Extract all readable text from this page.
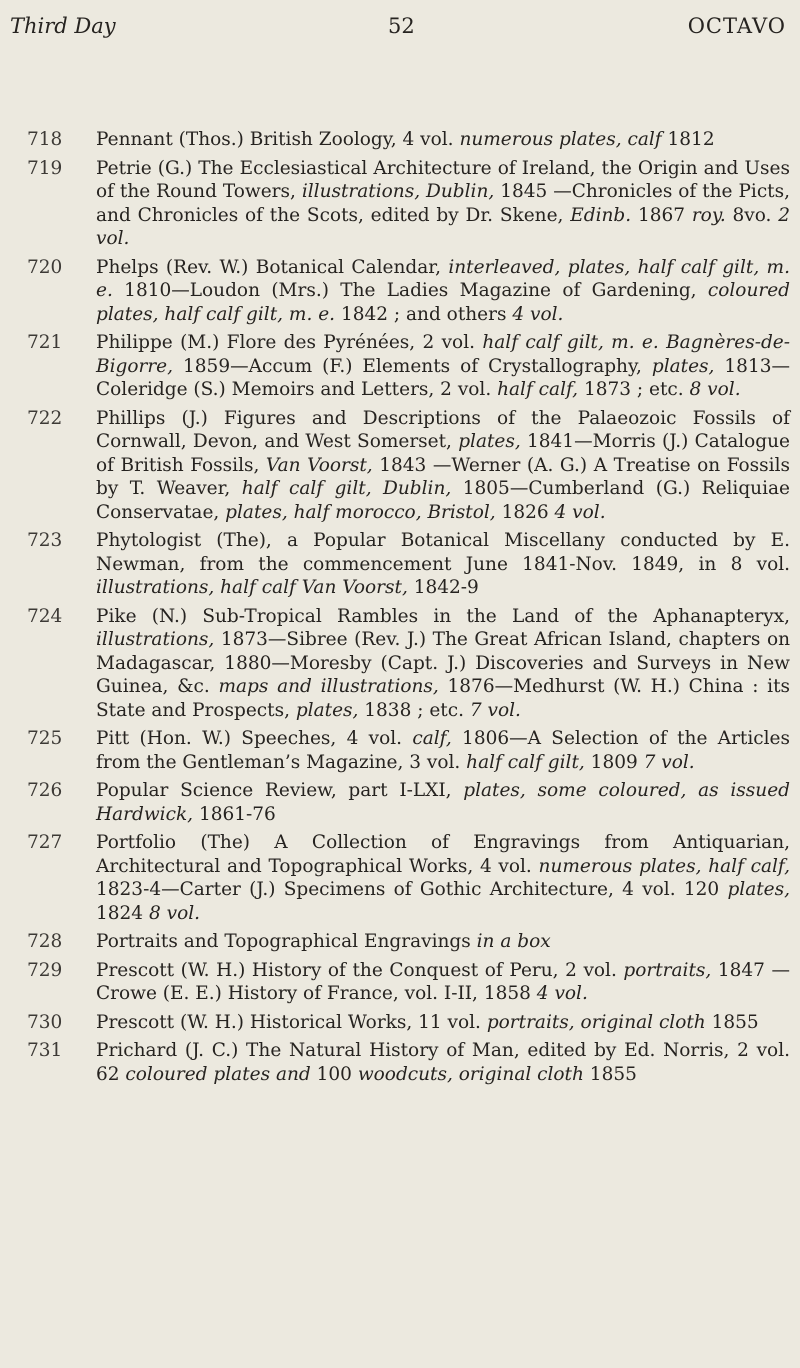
Third Day	52	OCTAVO
718 Pennant (Thos.) British Zoology, 4 vol. numerous plates, calf 1812
719 Petrie (G.) The Ecclesiastical Architecture of Ireland, the Origin and Uses of the Round Towers, illustrations, Dublin, 1845 —Chronicles of the Picts, and Chronicles of the Scots, edited by Dr. Skene, Edinb. 1867 roy. 8vo. 2 vol.
720 Phelps (Rev. W.) Botanical Calendar, interleaved, plates, half calf gilt, m. e. 1810—Loudon (Mrs.) The Ladies Magazine of Gardening, coloured plates, half calf gilt, m. e. 1842 ; and others 4 vol.
721 Philippe (M.) Flore des Pyrénées, 2 vol. half calf gilt, m. e. Bagnères-de-Bigorre, 1859—Accum (F.) Elements of Crystallography, plates, 1813—Coleridge (S.) Memoirs and Letters, 2 vol. half calf, 1873 ; etc. 8 vol.
722 Phillips (J.) Figures and Descriptions of the Palaeozoic Fossils of Cornwall, Devon, and West Somerset, plates, 1841—Morris (J.) Catalogue of British Fossils, Van Voorst, 1843 —Werner (A. G.) A Treatise on Fossils by T. Weaver, half calf gilt, Dublin, 1805—Cumberland (G.) Reliquiae Conservatae, plates, half morocco, Bristol, 1826 4 vol.
723 Phytologist (The), a Popular Botanical Miscellany conducted by E. Newman, from the commencement June 1841-Nov. 1849, in 8 vol. illustrations, half calf Van Voorst, 1842-9
724 Pike (N.) Sub-Tropical Rambles in the Land of the Aphanapteryx, illustrations, 1873—Sibree (Rev. J.) The Great African Island, chapters on Madagascar, 1880—Moresby (Capt. J.) Discoveries and Surveys in New Guinea, &c. maps and illustrations, 1876—Medhurst (W. H.) China : its State and Prospects, plates, 1838 ; etc. 7 vol.
725 Pitt (Hon. W.) Speeches, 4 vol. calf, 1806—A Selection of the Articles from the Gentleman’s Magazine, 3 vol. half calf gilt, 1809 7 vol.
726 Popular Science Review, part I-LXI, plates, some coloured, as issued Hardwick, 1861-76
727 Portfolio (The) A Collection of Engravings from Antiquarian, Architectural and Topographical Works, 4 vol. numerous plates, half calf, 1823-4—Carter (J.) Specimens of Gothic Architecture, 4 vol. 120 plates, 1824 8 vol.
728 Portraits and Topographical Engravings in a box
729 Prescott (W. H.) History of the Conquest of Peru, 2 vol. portraits, 1847 —Crowe (E. E.) History of France, vol. I-II, 1858 4 vol.
730 Prescott (W. H.) Historical Works, 11 vol. portraits, original cloth 1855
731 Prichard (J. C.) The Natural History of Man, edited by Ed. Norris, 2 vol. 62 coloured plates and 100 woodcuts, original cloth 1855
